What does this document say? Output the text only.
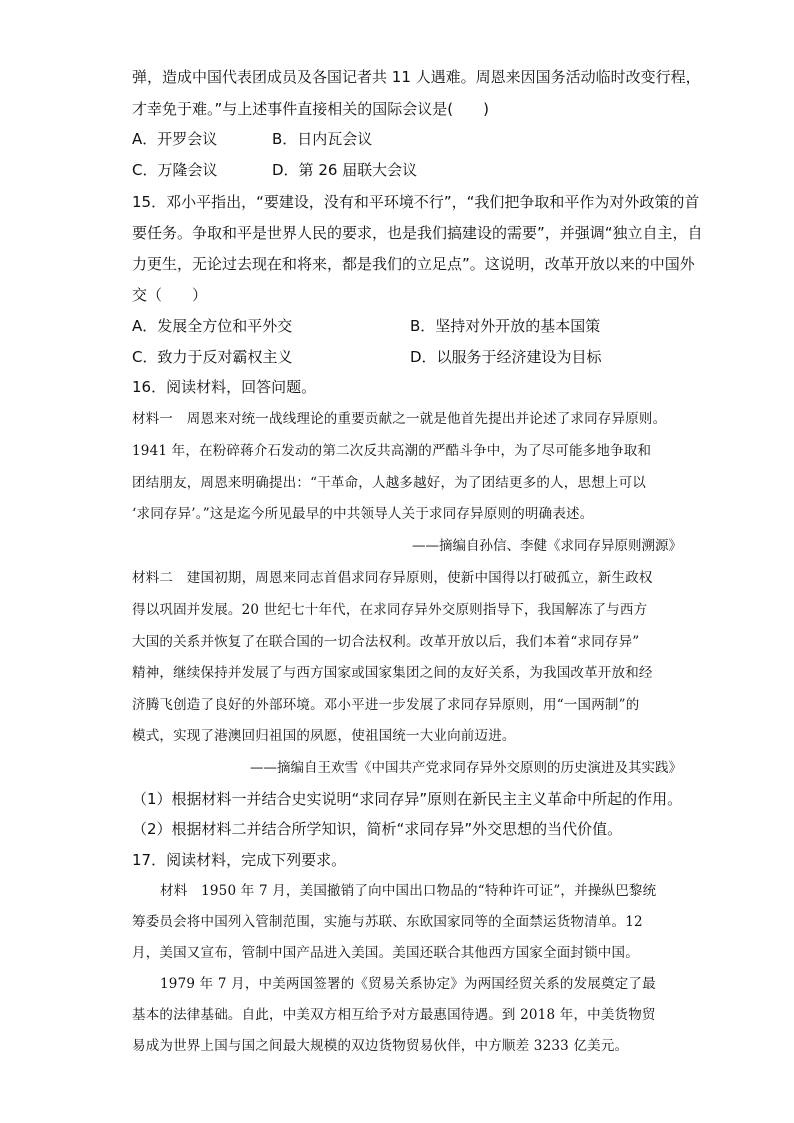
弹，造成中国代表团成员及各国记者共 11 人遇难。周恩来因国务活动临时改变行程，
才幸免于难。”与上述事件直接相关的国际会议是(　　)
A．开罗会议	B．日内瓦会议
C．万隆会议	D．第 26 届联大会议
15．邓小平指出，“要建设，没有和平环境不行”，“我们把争取和平作为对外政策的首
要任务。争取和平是世界人民的要求，也是我们搞建设的需要”，并强调“独立自主，自
力更生，无论过去现在和将来，都是我们的立足点”。这说明，改革开放以来的中国外
交（　　）
A．发展全方位和平外交	B．坚持对外开放的基本国策
C．致力于反对霸权主义	D．以服务于经济建设为目标
16．阅读材料，回答问题。
材料一　周恩来对统一战线理论的重要贡献之一就是他首先提出并论述了求同存异原则。
1941 年，在粉碎蒋介石发动的第二次反共高潮的严酷斗争中，为了尽可能多地争取和
团结朋友，周恩来明确提出：“干革命，人越多越好，为了团结更多的人，思想上可以
‘求同存异’。”这是迄今所见最早的中共领导人关于求同存异原则的明确表述。
——摘编自孙信、李健《求同存异原则溯源》
材料二　建国初期，周恩来同志首倡求同存异原则，使新中国得以打破孤立，新生政权
得以巩固并发展。20 世纪七十年代，在求同存异外交原则指导下，我国解冻了与西方
大国的关系并恢复了在联合国的一切合法权利。改革开放以后，我们本着“求同存异”
精神，继续保持并发展了与西方国家或国家集团之间的友好关系，为我国改革开放和经
济腾飞创造了良好的外部环境。邓小平进一步发展了求同存异原则，用“一国两制”的
模式，实现了港澳回归祖国的夙愿，使祖国统一大业向前迈进。
——摘编自王欢雪《中国共产党求同存异外交原则的历史演进及其实践》
（1）根据材料一并结合史实说明“求同存异”原则在新民主主义革命中所起的作用。
（2）根据材料二并结合所学知识，简析“求同存异”外交思想的当代价值。
17．阅读材料，完成下列要求。
材料　1950 年 7 月，美国撤销了向中国出口物品的“特种许可证”，并操纵巴黎统
筹委员会将中国列入管制范围，实施与苏联、东欧国家同等的全面禁运货物清单。12
月，美国又宣布，管制中国产品进入美国。美国还联合其他西方国家全面封锁中国。
1979 年 7 月，中美两国签署的《贸易关系协定》为两国经贸关系的发展奠定了最
基本的法律基础。自此，中美双方相互给予对方最惠国待遇。到 2018 年，中美货物贸
易成为世界上国与国之间最大规模的双边货物贸易伙伴，中方顺差 3233 亿美元。
